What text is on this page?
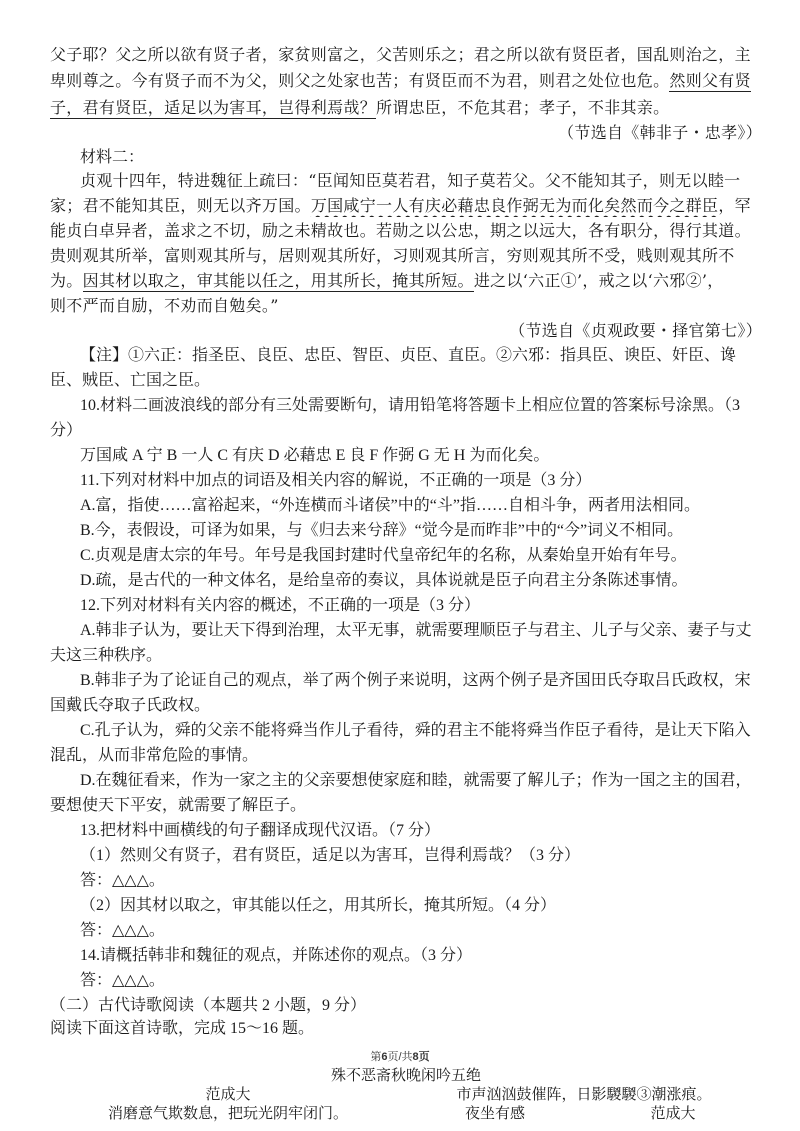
父子耶？父之所以欲有贤子者，家贫则富之，父苦则乐之；君之所以欲有贤臣者，国乱则治之，主
卑则尊之。今有贤子而不为父，则父之处家也苦；有贤臣而不为君，则君之处位也危。然则父有贤
子，君有贤臣，适足以为害耳，岂得利焉哉？所谓忠臣，不危其君；孝子，不非其亲。
（节选自《韩非子・忠孝》）
材料二：
贞观十四年，特进魏征上疏曰：“臣闻知臣莫若君，知子莫若父。父不能知其子，则无以睦一
家；君不能知其臣，则无以齐万国。万国咸宁一人有庆必藉忠良作弼无为而化矣然而今之群臣，罕
能贞白卓异者，盖求之不切，励之未精故也。若勋之以公忠，期之以远大，各有职分，得行其道。
贵则观其所举，富则观其所与，居则观其所好，习则观其所言，穷则观其所不受，贱则观其所不
为。因其材以取之，审其能以任之，用其所长，掩其所短。进之以‘六正①’，戒之以‘六邪②’，
则不严而自励，不劝而自勉矣。”
（节选自《贞观政要・择官第七》）
【注】①六正：指圣臣、良臣、忠臣、智臣、贞臣、直臣。②六邪：指具臣、谀臣、奸臣、谗
臣、贼臣、亡国之臣。
10.材料二画波浪线的部分有三处需要断句，请用铅笔将答题卡上相应位置的答案标号涂黑。（3
分）
万国咸 A 宁 B 一人 C 有庆 D 必藉忠 E 良 F 作弼 G 无 H 为而化矣。
11.下列对材料中加点的词语及相关内容的解说，不正确的一项是（3 分）
A.富，指使……富裕起来，“外连横而斗诸侯”中的“斗”指……自相斗争，两者用法相同。
B.今，表假设，可译为如果，与《归去来兮辞》“觉今是而昨非”中的“今”词义不相同。
C.贞观是唐太宗的年号。年号是我国封建时代皇帝纪年的名称，从秦始皇开始有年号。
D.疏，是古代的一种文体名，是给皇帝的奏议，具体说就是臣子向君主分条陈述事情。
12.下列对材料有关内容的概述，不正确的一项是（3 分）
A.韩非子认为，要让天下得到治理，太平无事，就需要理顺臣子与君主、儿子与父亲、妻子与丈
夫这三种秩序。
B.韩非子为了论证自己的观点，举了两个例子来说明，这两个例子是齐国田氏夺取吕氏政权，宋
国戴氏夺取子氏政权。
C.孔子认为，舜的父亲不能将舜当作儿子看待，舜的君主不能将舜当作臣子看待，是让天下陷入
混乱，从而非常危险的事情。
D.在魏征看来，作为一家之主的父亲要想使家庭和睦，就需要了解儿子；作为一国之主的国君，
要想使天下平安，就需要了解臣子。
13.把材料中画横线的句子翻译成现代汉语。（7 分）
（1）然则父有贤子，君有贤臣，适足以为害耳，岂得利焉哉？（3 分）
答：△△△。
（2）因其材以取之，审其能以任之，用其所长，掩其所短。（4 分）
答：△△△。
14.请概括韩非和魏征的观点，并陈述你的观点。（3 分）
答：△△△。
（二）古代诗歌阅读（本题共 2 小题，9 分）
阅读下面这首诗歌，完成 15～16 题。
第6页/共8页
殊不恶斋秋晚闲吟五绝
范成大	市声汹汹鼓催阵，日影騣騣③潮涨痕。
消磨意气欺数息，把玩光阴牢闭门。	夜坐有感	范成大
